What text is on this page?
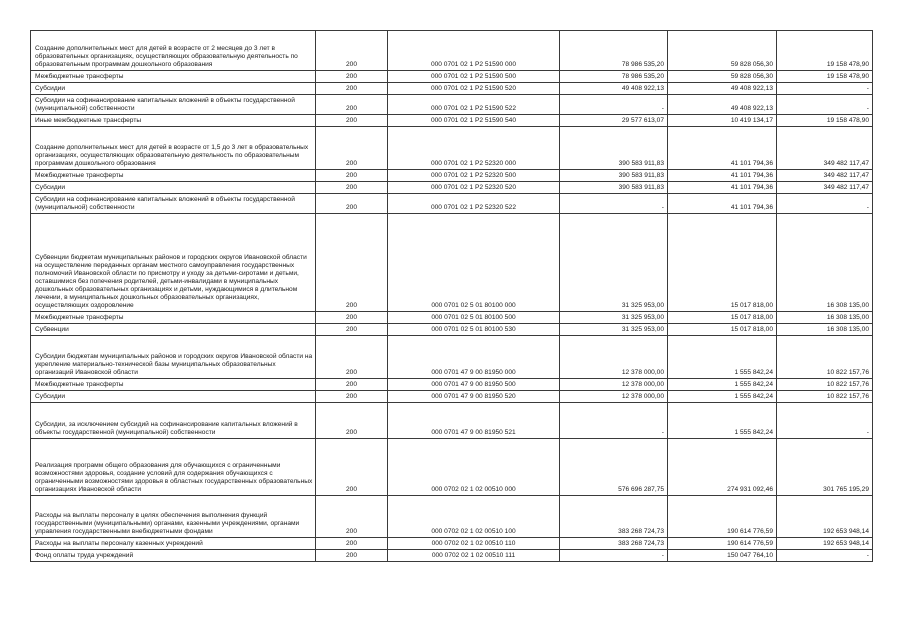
Создание дополнительных мест для детей в возрасте от 2 месяцев до 3 лет в образовательных организациях, осуществляющих образовательную деятельность по образовательным программам дошкольного образования	200	000 0701 02 1 P2 51590 000	78 986 535,20	59 828 056,30	19 158 478,90
Межбюджетные трансферты	200	000 0701 02 1 P2 51590 500	78 986 535,20	59 828 056,30	19 158 478,90
Субсидии	200	000 0701 02 1 P2 51590 520	49 408 922,13	49 408 922,13	-
Субсидии на софинансирование капитальных вложений в объекты государственной (муниципальной) собственности	200	000 0701 02 1 P2 51590 522	-	49 408 922,13	-
Иные межбюджетные трансферты	200	000 0701 02 1 P2 51590 540	29 577 613,07	10 419 134,17	19 158 478,90
Создание дополнительных мест для детей в возрасте от 1,5 до 3 лет в образовательных организациях, осуществляющих образовательную деятельность по образовательным программам дошкольного образования	200	000 0701 02 1 P2 52320 000	390 583 911,83	41 101 794,36	349 482 117,47
Межбюджетные трансферты	200	000 0701 02 1 P2 52320 500	390 583 911,83	41 101 794,36	349 482 117,47
Субсидии	200	000 0701 02 1 P2 52320 520	390 583 911,83	41 101 794,36	349 482 117,47
Субсидии на софинансирование капитальных вложений в объекты государственной (муниципальной) собственности	200	000 0701 02 1 P2 52320 522	-	41 101 794,36	-
Субвенции бюджетам муниципальных районов и городских округов Ивановской области на осуществление переданных органам местного самоуправления государственных полномочий Ивановской области по присмотру и уходу за детьми-сиротами и детьми, оставшимися без попечения родителей, детьми-инвалидами в муниципальных дошкольных образовательных организациях и детьми, нуждающимися в длительном лечении, в муниципальных дошкольных образовательных организациях, осуществляющих оздоровление	200	000 0701 02 5 01 80100 000	31 325 953,00	15 017 818,00	16 308 135,00
Межбюджетные трансферты	200	000 0701 02 5 01 80100 500	31 325 953,00	15 017 818,00	16 308 135,00
Субвенции	200	000 0701 02 5 01 80100 530	31 325 953,00	15 017 818,00	16 308 135,00
Субсидии бюджетам муниципальных районов и городских округов Ивановской области на укрепление материально-технической базы муниципальных образовательных организаций Ивановской области	200	000 0701 47 9 00 81950 000	12 378 000,00	1 555 842,24	10 822 157,76
Межбюджетные трансферты	200	000 0701 47 9 00 81950 500	12 378 000,00	1 555 842,24	10 822 157,76
Субсидии	200	000 0701 47 9 00 81950 520	12 378 000,00	1 555 842,24	10 822 157,76
Субсидии, за исключением субсидий на софинансирование капитальных вложений в объекты государственной (муниципальной) собственности	200	000 0701 47 9 00 81950 521	-	1 555 842,24	-
Реализация программ общего образования для обучающихся с ограниченными возможностями здоровья, создание условий для содержания обучающихся с ограниченными возможностями здоровья в областных государственных образовательных организациях Ивановской области	200	000 0702 02 1 02 00510 000	576 696 287,75	274 931 092,46	301 765 195,29
Расходы на выплаты персоналу в целях обеспечения выполнения функций государственными (муниципальными) органами, казенными учреждениями, органами управления государственными внебюджетными фондами	200	000 0702 02 1 02 00510 100	383 268 724,73	190 614 776,59	192 653 948,14
Расходы на выплаты персоналу казенных учреждений	200	000 0702 02 1 02 00510 110	383 268 724,73	190 614 776,59	192 653 948,14
Фонд оплаты труда учреждений	200	000 0702 02 1 02 00510 111	-	150 047 764,10	-
